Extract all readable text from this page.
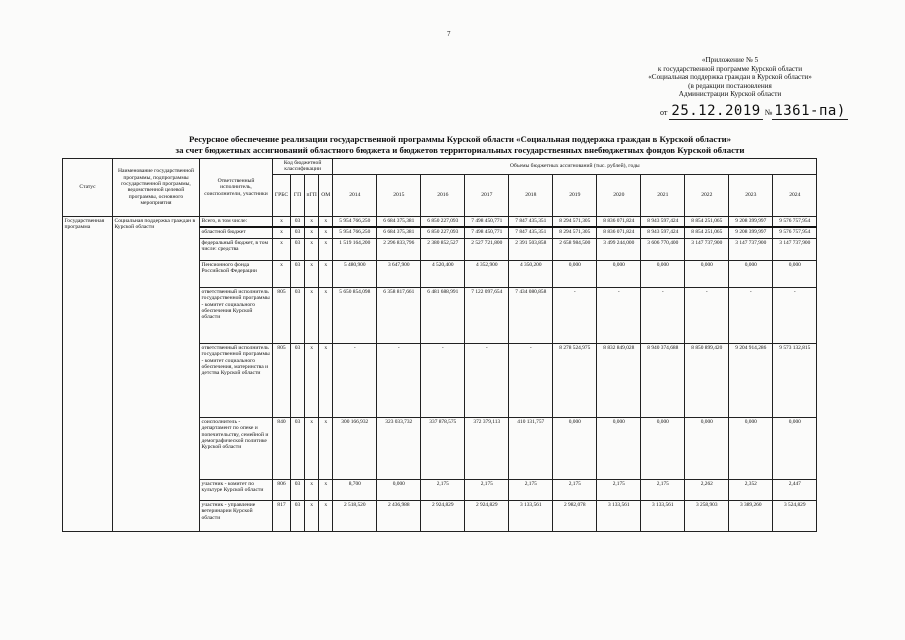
7
«Приложение № 5
к государственной программе Курской области
«Социальная поддержка граждан в Курской области»
(в редакции постановления
Администрации Курской области
от 25.12.2019 № 1361-па)
Ресурсное обеспечение реализации государственной программы Курской области «Социальная поддержка граждан в Курской области»
за счет бюджетных ассигнований областного бюджета и бюджетов территориальных государственных внебюджетных фондов Курской области
Статус	Наименование государственной программы, подпрограммы государственной программы, ведомственной целевой программы, основного мероприятия	Ответственный исполнитель, соисполнители, участники	Код бюджетной классификации				Объемы бюджетных ассигнований (тыс. рублей), годы										
			ГРБС	ГП	пГП	ОМ	2014	2015	2016	2017	2018	2019	2020	2021	2022	2023	2024
Государственная программа	Социальная поддержка граждан в Курской области	Всего, в том числе:	x	03	x	x	5 954 766,250	6 684 375,381	6 850 227,093	7 498 450,771	7 847 435,351	8 294 571,305	8 836 071,824	8 943 597,424	8 854 251,065	9 208 399,997	9 576 757,954
		областной бюджет	x	03	x	x	5 954 766,250	6 684 375,381	6 850 227,093	7 498 450,771	7 847 435,351	8 294 571,305	8 836 071,824	8 943 597,424	8 854 251,065	9 208 399,997	9 576 757,954
		федеральный бюджет, в том числе: средства	x	03	x	x	1 519 164,200	2 296 833,796	2 380 852,527	2 527 721,800	2 391 503,858	2 658 984,500	3 499 244,000	3 606 770,400	3 147 737,900	3 147 737,900	3 147 737,900
		Пенсионного фонда Российской Федерации	x	03	x	x	5 480,900	3 647,900	4 520,400	4 352,900	4 350,200	0,000	0,000	0,000	0,000	0,000	0,000
		ответственный исполнитель государственной программы - комитет социального обеспечения Курской области	805	03	x	x	5 650 854,098	6 358 817,661	6 481 688,991	7 122 097,654	7 434 080,858	-	-	-	-	-	-
		ответственный исполнитель государственной программы - комитет социального обеспечения, материнства и детства Курской области	805	03	x	x	-	-	-	-	-	8 278 524,975	8 832 849,028	8 940 374,688	8 850 899,420	9 204 914,286	9 573 132,815
		соисполнитель - департамент по опеке и попечительству, семейной и демографической политике Курской области	840	03	x	x	300 166,932	323 033,732	337 878,575	372 379,113	410 131,757	0,000	0,000	0,000	0,000	0,000	0,000
		участник - комитет по культуре Курской области	806	03	x	x	8,700	0,000	2,175	2,175	2,175	2,175	2,175	2,175	2,262	2,352	2,447
		участник - управление ветеринарии Курской области	817	03	x	x	2 518,520	2 436,988	2 924,829	2 924,829	3 133,561	2 982,078	3 133,561	3 133,561	3 258,903	3 389,260	3 524,829
